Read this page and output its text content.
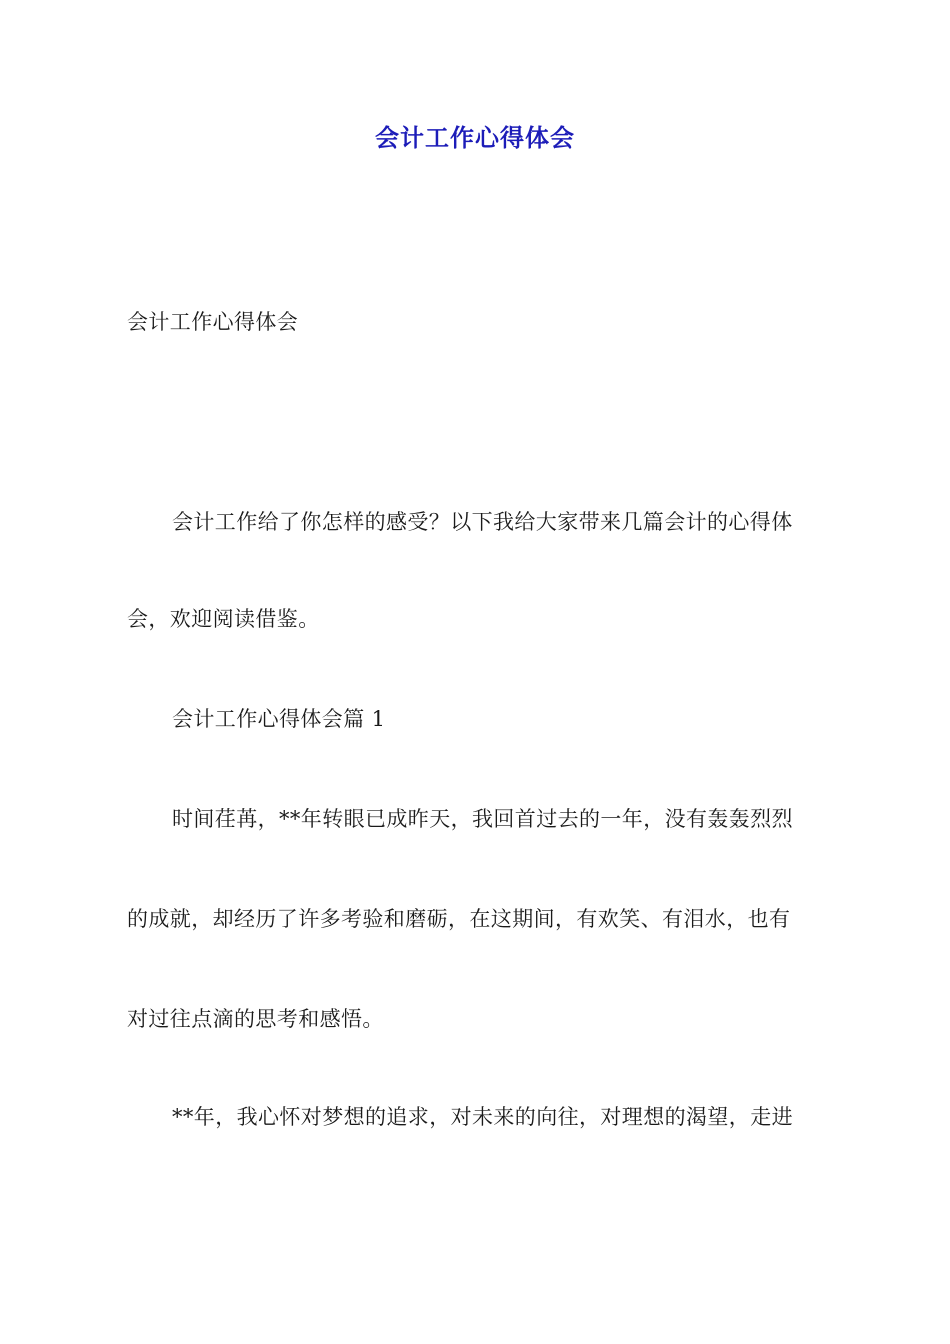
会计工作心得体会
会计工作心得体会
会计工作给了你怎样的感受？以下我给大家带来几篇会计的心得体
会，欢迎阅读借鉴。
会计工作心得体会篇 1
时间荏苒，**年转眼已成昨天，我回首过去的一年，没有轰轰烈烈
的成就，却经历了许多考验和磨砺，在这期间，有欢笑、有泪水，也有
对过往点滴的思考和感悟。
**年，我心怀对梦想的追求，对未来的向往，对理想的渴望，走进
